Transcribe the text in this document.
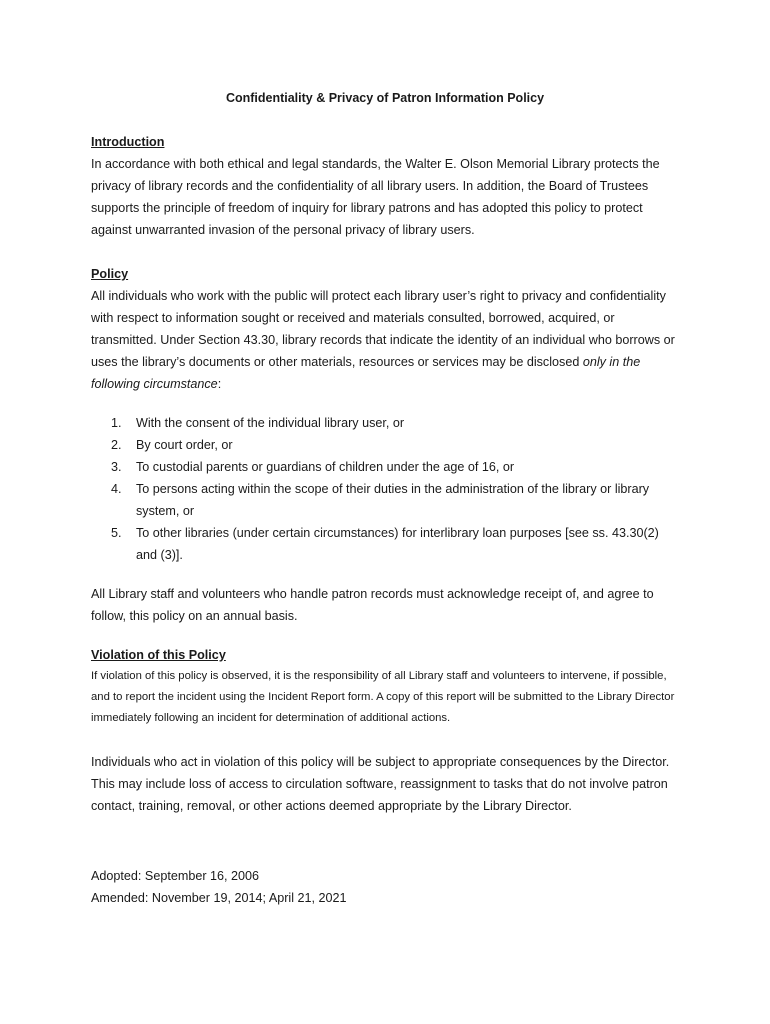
Confidentiality & Privacy of Patron Information Policy

Introduction

In accordance with both ethical and legal standards, the Walter E. Olson Memorial Library protects the privacy of library records and the confidentiality of all library users. In addition, the Board of Trustees supports the principle of freedom of inquiry for library patrons and has adopted this policy to protect against unwarranted invasion of the personal privacy of library users.

Policy

All individuals who work with the public will protect each library user’s right to privacy and confidentiality with respect to information sought or received and materials consulted, borrowed, acquired, or transmitted. Under Section 43.30, library records that indicate the identity of an individual who borrows or uses the library’s documents or other materials, resources or services may be disclosed only in the following circumstance:

1.	With the consent of the individual library user, or
2.	By court order, or
3.	To custodial parents or guardians of children under the age of 16, or
4.	To persons acting within the scope of their duties in the administration of the library or library system, or
5.	To other libraries (under certain circumstances) for interlibrary loan purposes [see ss. 43.30(2) and (3)].

All Library staff and volunteers who handle patron records must acknowledge receipt of, and agree to follow, this policy on an annual basis.

Violation of this Policy

If violation of this policy is observed, it is the responsibility of all Library staff and volunteers to intervene, if possible, and to report the incident using the Incident Report form. A copy of this report will be submitted to the Library Director immediately following an incident for determination of additional actions.

Individuals who act in violation of this policy will be subject to appropriate consequences by the Director. This may include loss of access to circulation software, reassignment to tasks that do not involve patron contact, training, removal, or other actions deemed appropriate by the Library Director.

Adopted: September 16, 2006

Amended: November 19, 2014; April 21, 2021
